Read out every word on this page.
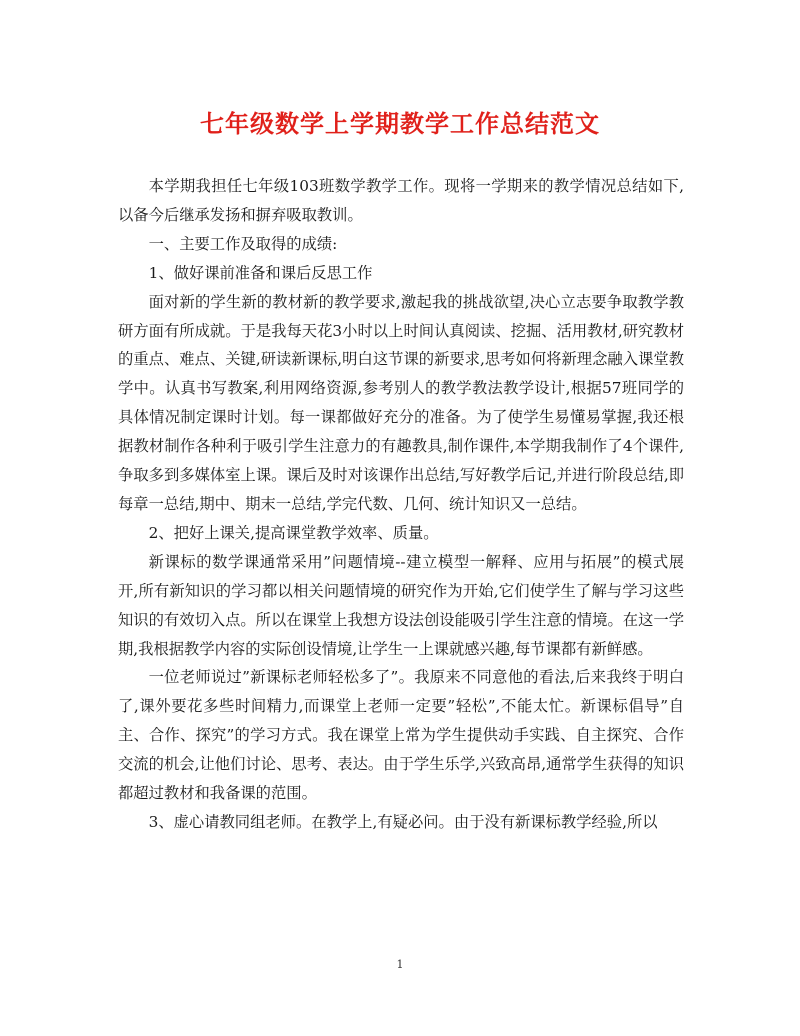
七年级数学上学期教学工作总结范文

本学期我担任七年级103班数学教学工作。现将一学期来的教学情况总结如下,以备今后继承发扬和摒弃吸取教训。

一、主要工作及取得的成绩:

1、做好课前准备和课后反思工作

面对新的学生新的教材新的教学要求,激起我的挑战欲望,决心立志要争取教学教研方面有所成就。于是我每天花3小时以上时间认真阅读、挖掘、活用教材,研究教材的重点、难点、关键,研读新课标,明白这节课的新要求,思考如何将新理念融入课堂教学中。认真书写教案,利用网络资源,参考别人的教学教法教学设计,根据57班同学的具体情况制定课时计划。每一课都做好充分的准备。为了使学生易懂易掌握,我还根据教材制作各种利于吸引学生注意力的有趣教具,制作课件,本学期我制作了4个课件,争取多到多媒体室上课。课后及时对该课作出总结,写好教学后记,并进行阶段总结,即每章一总结,期中、期末一总结,学完代数、几何、统计知识又一总结。

2、把好上课关,提高课堂教学效率、质量。

新课标的数学课通常采用”问题情境--建立模型一解释、应用与拓展”的模式展开,所有新知识的学习都以相关问题情境的研究作为开始,它们使学生了解与学习这些知识的有效切入点。所以在课堂上我想方设法创设能吸引学生注意的情境。在这一学期,我根据教学内容的实际创设情境,让学生一上课就感兴趣,每节课都有新鲜感。

一位老师说过”新课标老师轻松多了”。我原来不同意他的看法,后来我终于明白了,课外要花多些时间精力,而课堂上老师一定要”轻松”,不能太忙。新课标倡导”自主、合作、探究”的学习方式。我在课堂上常为学生提供动手实践、自主探究、合作交流的机会,让他们讨论、思考、表达。由于学生乐学,兴致高昂,通常学生获得的知识都超过教材和我备课的范围。

3、虚心请教同组老师。在教学上,有疑必问。由于没有新课标教学经验,所以

1
